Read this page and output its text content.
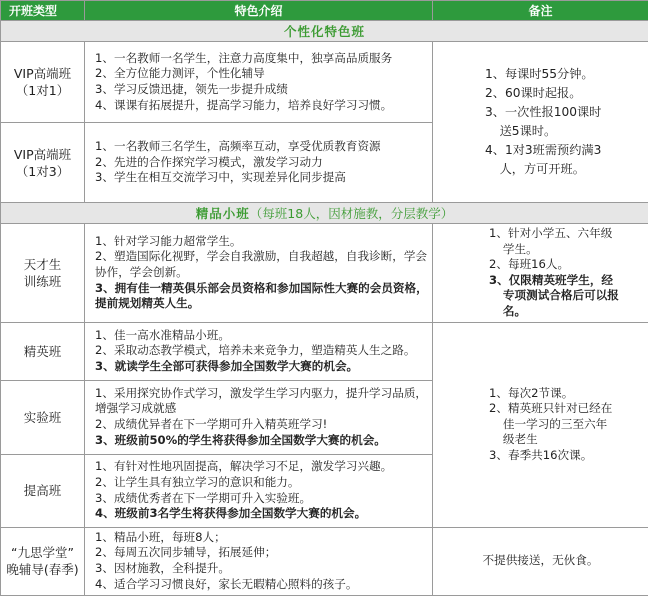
开班类型	特色介绍	备注
个性化特色班		

VIP高端班
（1对1）	1、一名教师一名学生，注意力高度集中，独享高品质服务
2、全方位能力测评，个性化辅导
3、学习反馈迅捷，领先一步提升成绩
4、课课有拓展提升，提高学习能力，培养良好学习习惯。	1、每课时55分钟。
2、60课时起报。
3、一次性报100课时送5课时。
4、1对3班需预约满3人，方可开班。

VIP高端班
（1对3）	1、一名教师三名学生，高频率互动，享受优质教育资源
2、先进的合作探究学习模式，激发学习动力
3、学生在相互交流学习中，实现差异化同步提高	

精品小班（每班18人，因材施教，分层教学）		

天才生
训练班	1、针对学习能力超常学生。
2、塑造国际化视野，学会自我激励，自我超越，自我诊断，学会协作，学会创新。
3、拥有佳一精英俱乐部会员资格和参加国际性大赛的会员资格，提前规划精英人生。	1、针对小学五、六年级学生。
2、每班16人。
3、仅限精英班学生，经专项测试合格后可以报名。

精英班	1、佳一高水准精品小班。
2、采取动态教学模式，培养未来竞争力，塑造精英人生之路。
3、就读学生全部可获得参加全国数学大赛的机会。	1、每次2节课。
2、精英班只针对已经在佳一学习的三至六年级老生
3、春季共16次课。

实验班	1、采用探究协作式学习，激发学生学习内驱力，提升学习品质，增强学习成就感
2、成绩优异者在下一学期可升入精英班学习!
3、班级前50%的学生将获得参加全国数学大赛的机会。	

提高班	1、有针对性地巩固提高，解决学习不足，激发学习兴趣。
2、让学生具有独立学习的意识和能力。
3、成绩优秀者在下一学期可升入实验班。
4、班级前3名学生将获得参加全国数学大赛的机会。	

“九思学堂”
晚辅导(春季)	1、精品小班，每班8人；
2、每周五次同步辅导，拓展延伸；
3、因材施教，全科提升。
4、适合学习习惯良好，家长无暇精心照料的孩子。	不提供接送，无伙食。
